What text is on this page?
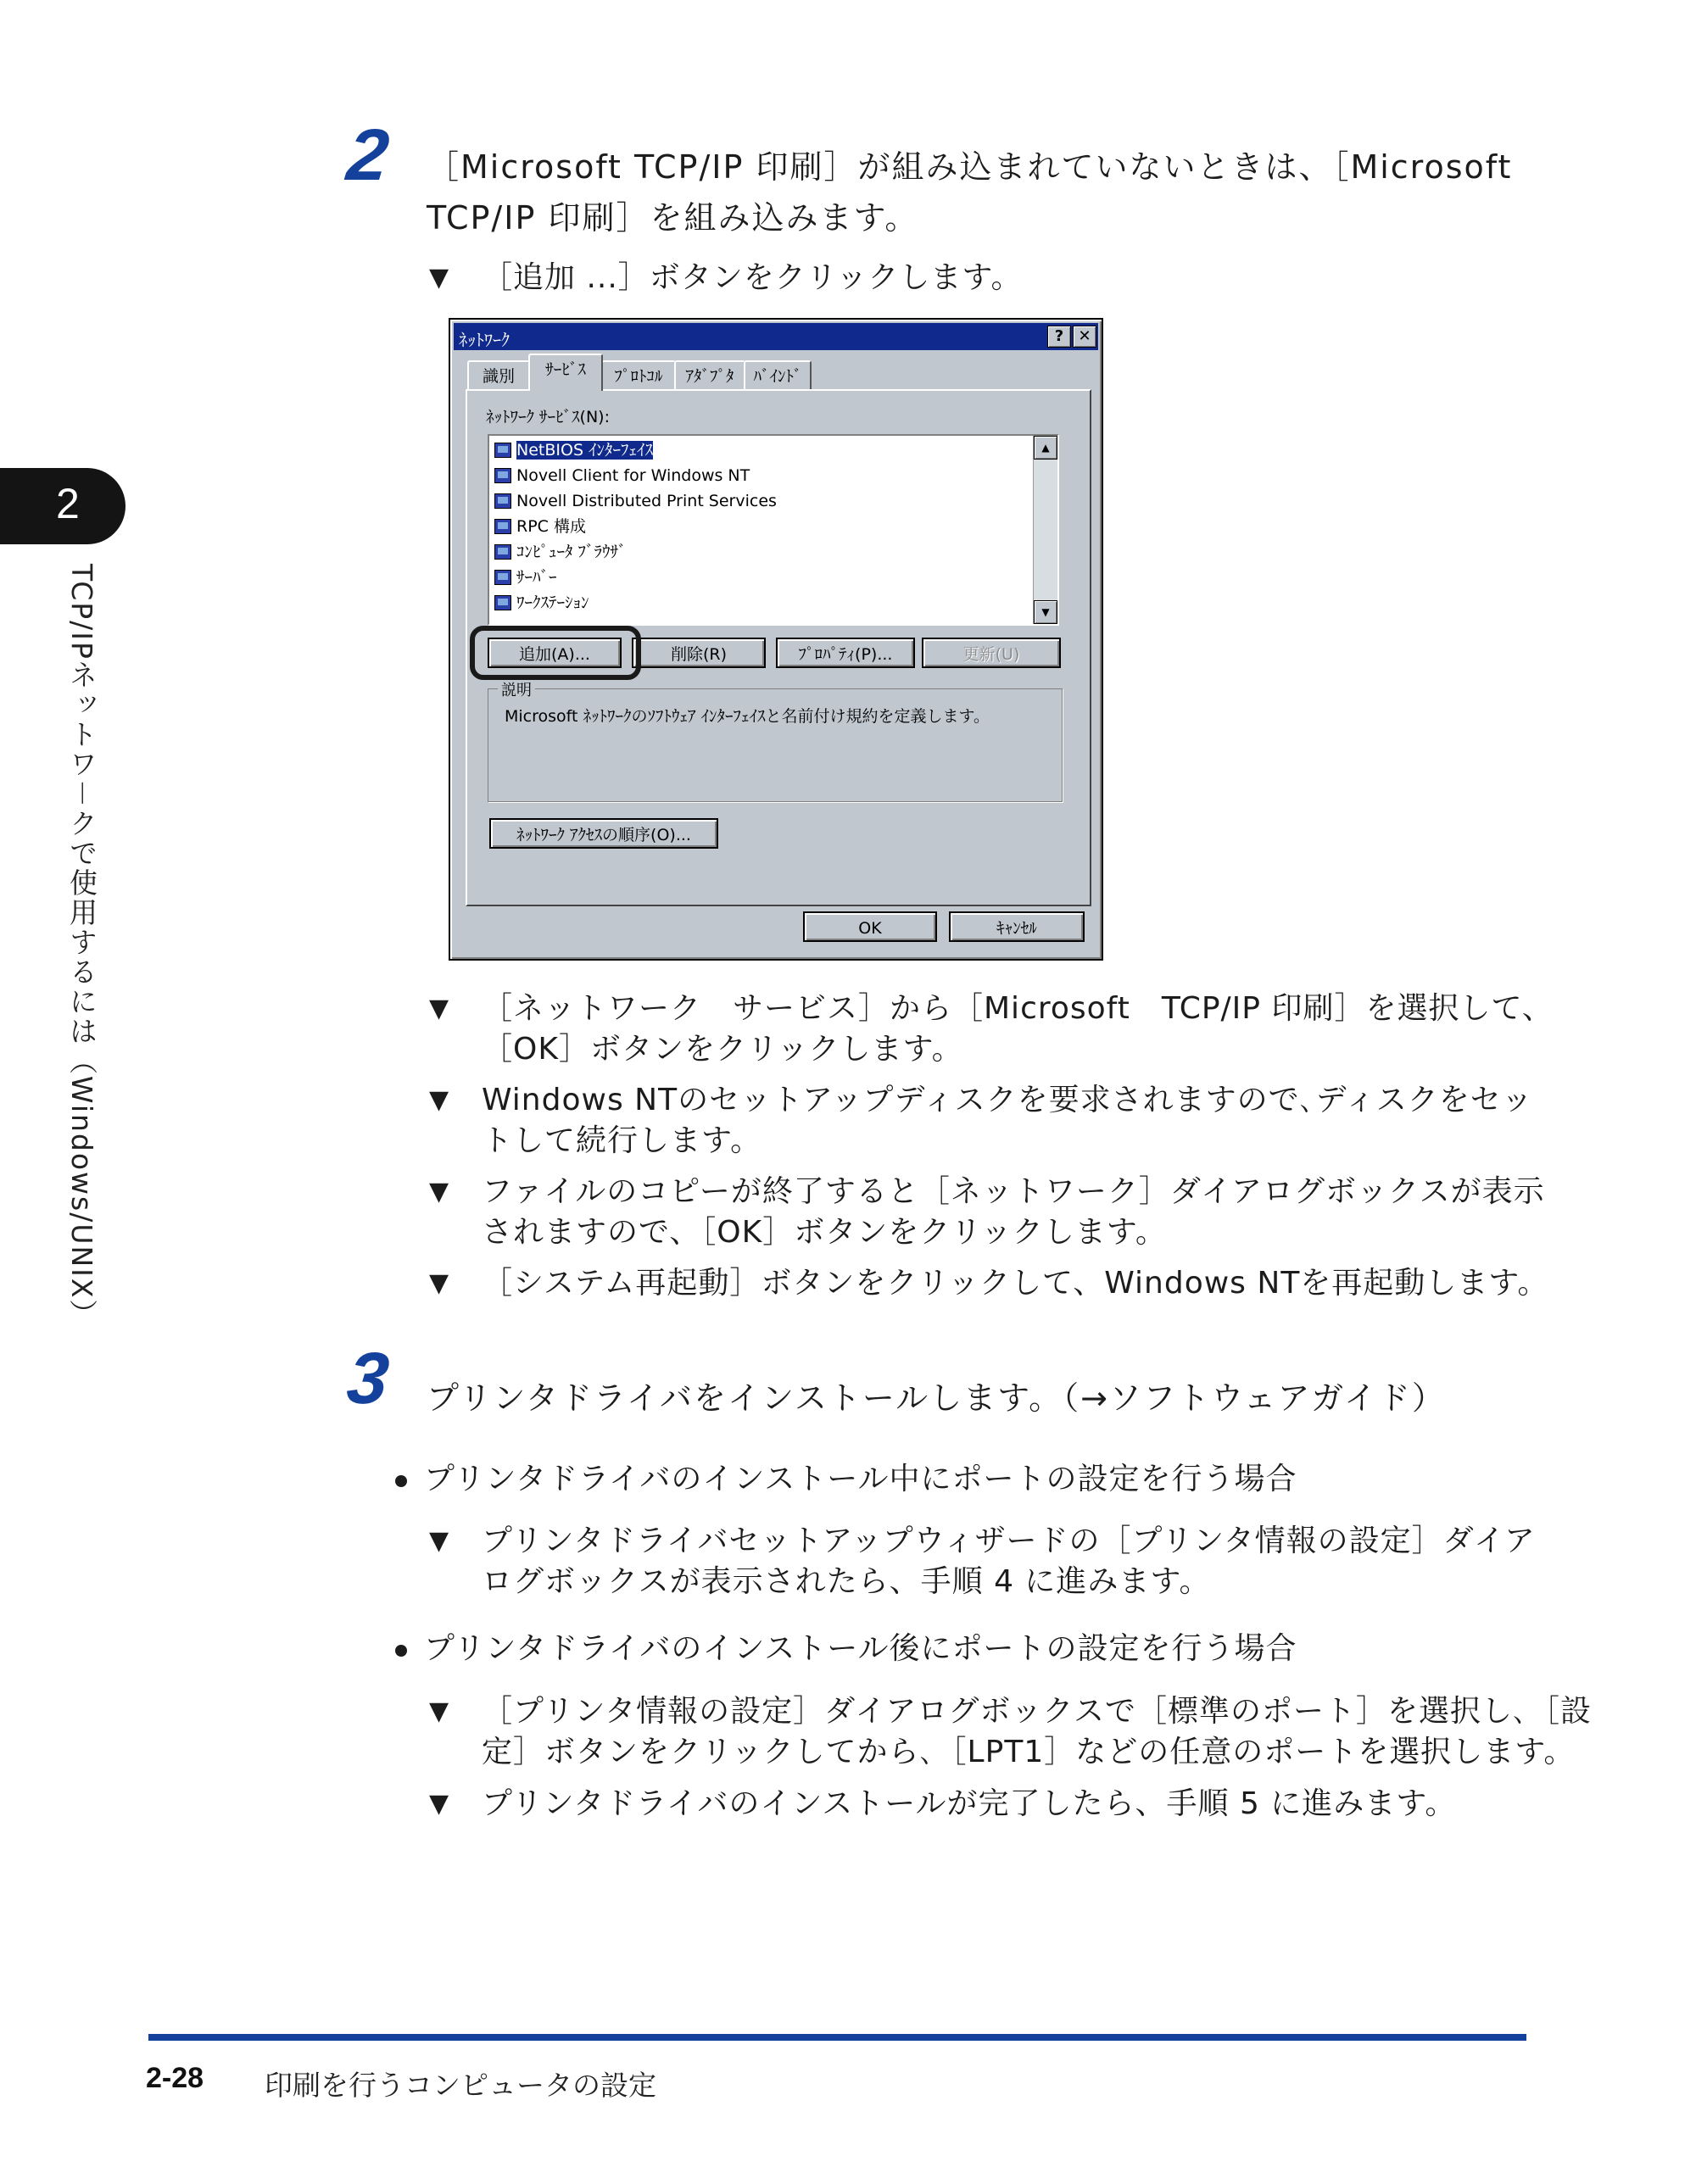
2
TCP/IPネットワ－クで使用するには（Windows/UNIX）
2 ［Microsoft TCP/IP 印刷］が組み込まれていないときは、［Microsoft
TCP/IP 印刷］を組み込みます。
▼ ［追加 ...］ボタンをクリックします。
ﾈｯﾄﾜｰｸ	? ✕
識別	ｻｰﾋﾞｽ	ﾌﾟﾛﾄｺﾙ	ｱﾀﾞﾌﾟﾀ	ﾊﾞｲﾝﾄﾞ
ﾈｯﾄﾜｰｸ ｻｰﾋﾞｽ(N):
NetBIOS ｲﾝﾀｰﾌｪｲｽ
Novell Client for Windows NT
Novell Distributed Print Services
RPC 構成
ｺﾝﾋﾟｭｰﾀ ﾌﾞﾗｳｻﾞ
ｻｰﾊﾞｰ
ﾜｰｸｽﾃｰｼｮﾝ
▲
▼
追加(A)...	削除(R)	ﾌﾟﾛﾊﾟﾃｨ(P)...	更新(U)
説明
Microsoft ﾈｯﾄﾜｰｸのｿﾌﾄｳｪｱ ｲﾝﾀｰﾌｪｲｽと名前付け規約を定義します。
ﾈｯﾄﾜｰｸ ｱｸｾｽの順序(O)...
OK	ｷｬﾝｾﾙ
▼ ［ネットワーク　サービス］から［Microsoft　TCP/IP 印刷］を選択して、
［OK］ボタンをクリックします。
▼ Windows NTのセットアップディスクを要求されますので､ディスクをセッ
トして続行します。
▼ ファイルのコピーが終了すると［ネットワーク］ダイアログボックスが表示
されますので、［OK］ボタンをクリックします。
▼ ［システム再起動］ボタンをクリックして、Windows NTを再起動します。
3 プリンタドライバをインストールします。（→ソフトウェアガイド）
プリンタドライバのインストール中にポートの設定を行う場合
▼ プリンタドライバセットアップウィザードの［プリンタ情報の設定］ダイア
ログボックスが表示されたら、手順 4 に進みます。
プリンタドライバのインストール後にポートの設定を行う場合
▼ ［プリンタ情報の設定］ダイアログボックスで［標準のポート］を選択し､［設
定］ボタンをクリックしてから､［LPT1］などの任意のポートを選択します。
▼ プリンタドライバのインストールが完了したら、手順 5 に進みます。
2-28 印刷を行うコンピュータの設定
